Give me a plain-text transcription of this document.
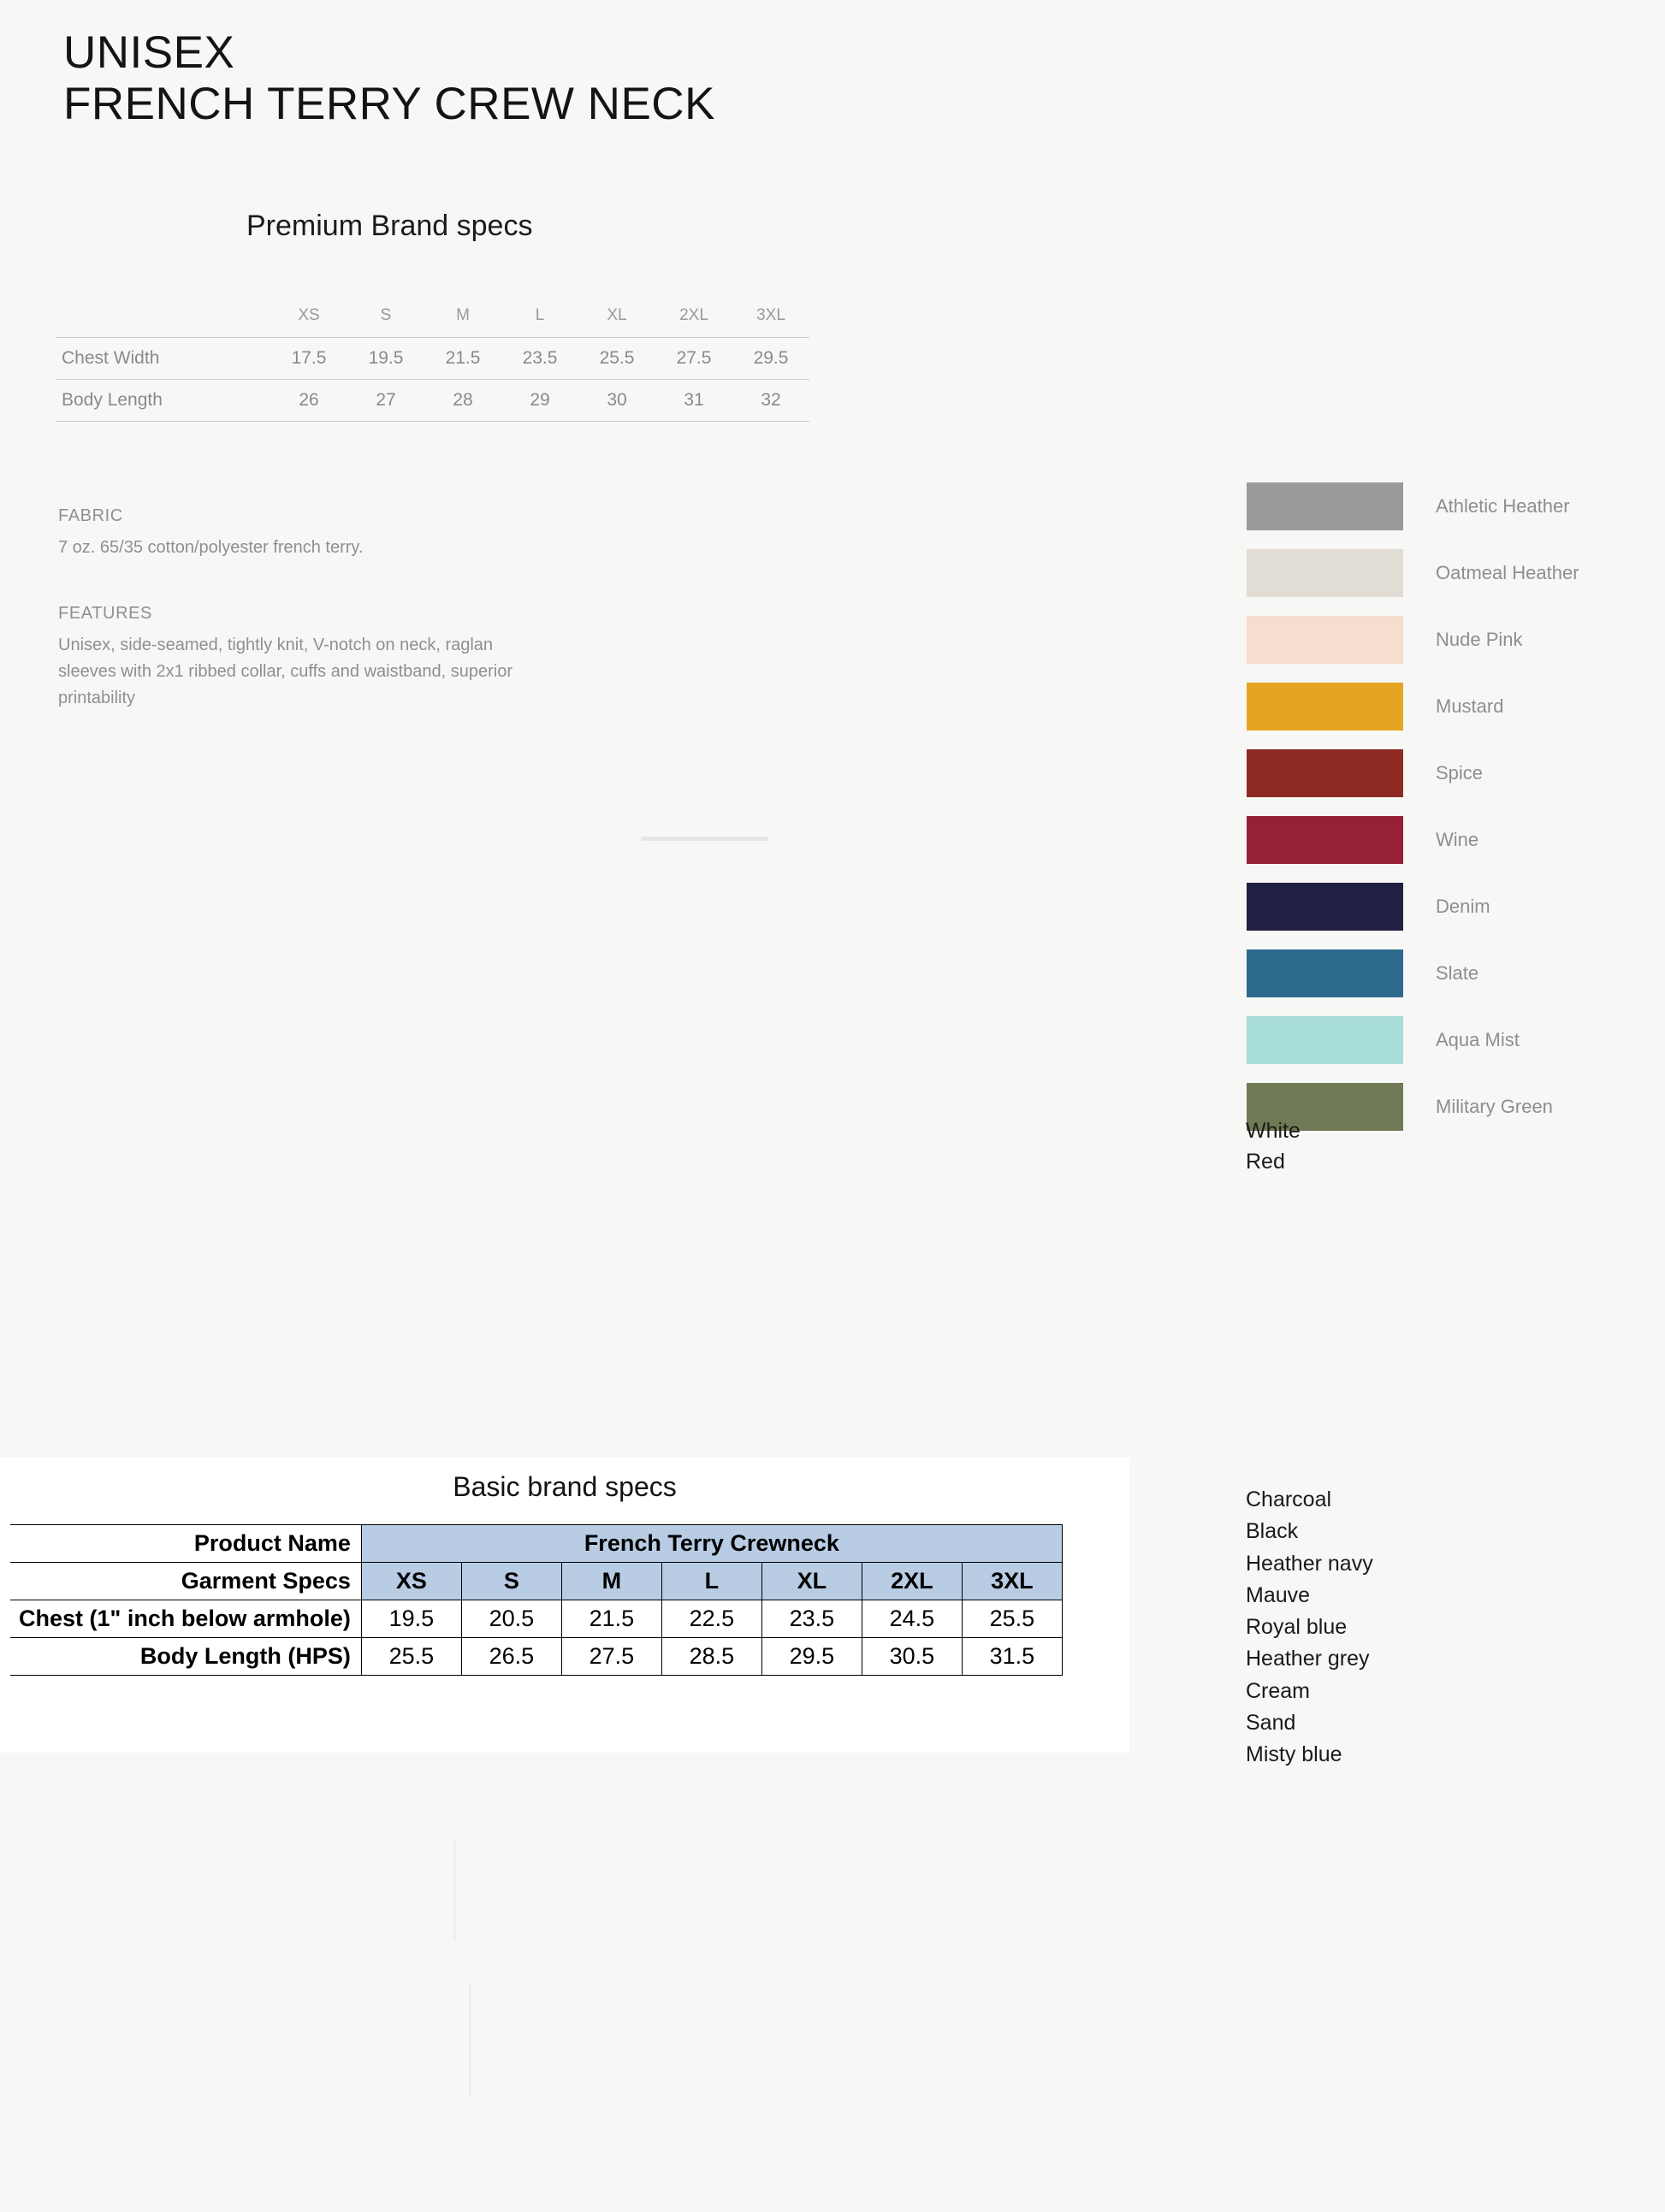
UNISEX
FRENCH TERRY CREW NECK
Premium Brand specs
	XS	S	M	L	XL	2XL	3XL
Chest Width	17.5	19.5	21.5	23.5	25.5	27.5	29.5
Body Length	26	27	28	29	30	31	32
FABRIC
7 oz. 65/35 cotton/polyester french terry.
FEATURES
Unisex, side-seamed, tightly knit, V-notch on neck, raglan sleeves with 2x1 ribbed collar, cuffs and waistband, superior printability
Athletic Heather
Oatmeal Heather
Nude Pink
Mustard
Spice
Wine
Denim
Slate
Aqua Mist
Military Green
White
Red
Basic brand specs
Product Name	French Terry Crewneck						
Garment Specs	XS	S	M	L	XL	2XL	3XL
Chest (1" inch below armhole)	19.5	20.5	21.5	22.5	23.5	24.5	25.5
Body Length (HPS)	25.5	26.5	27.5	28.5	29.5	30.5	31.5
Charcoal
Black
Heather navy
Mauve
Royal blue
Heather grey
Cream
Sand
Misty blue
